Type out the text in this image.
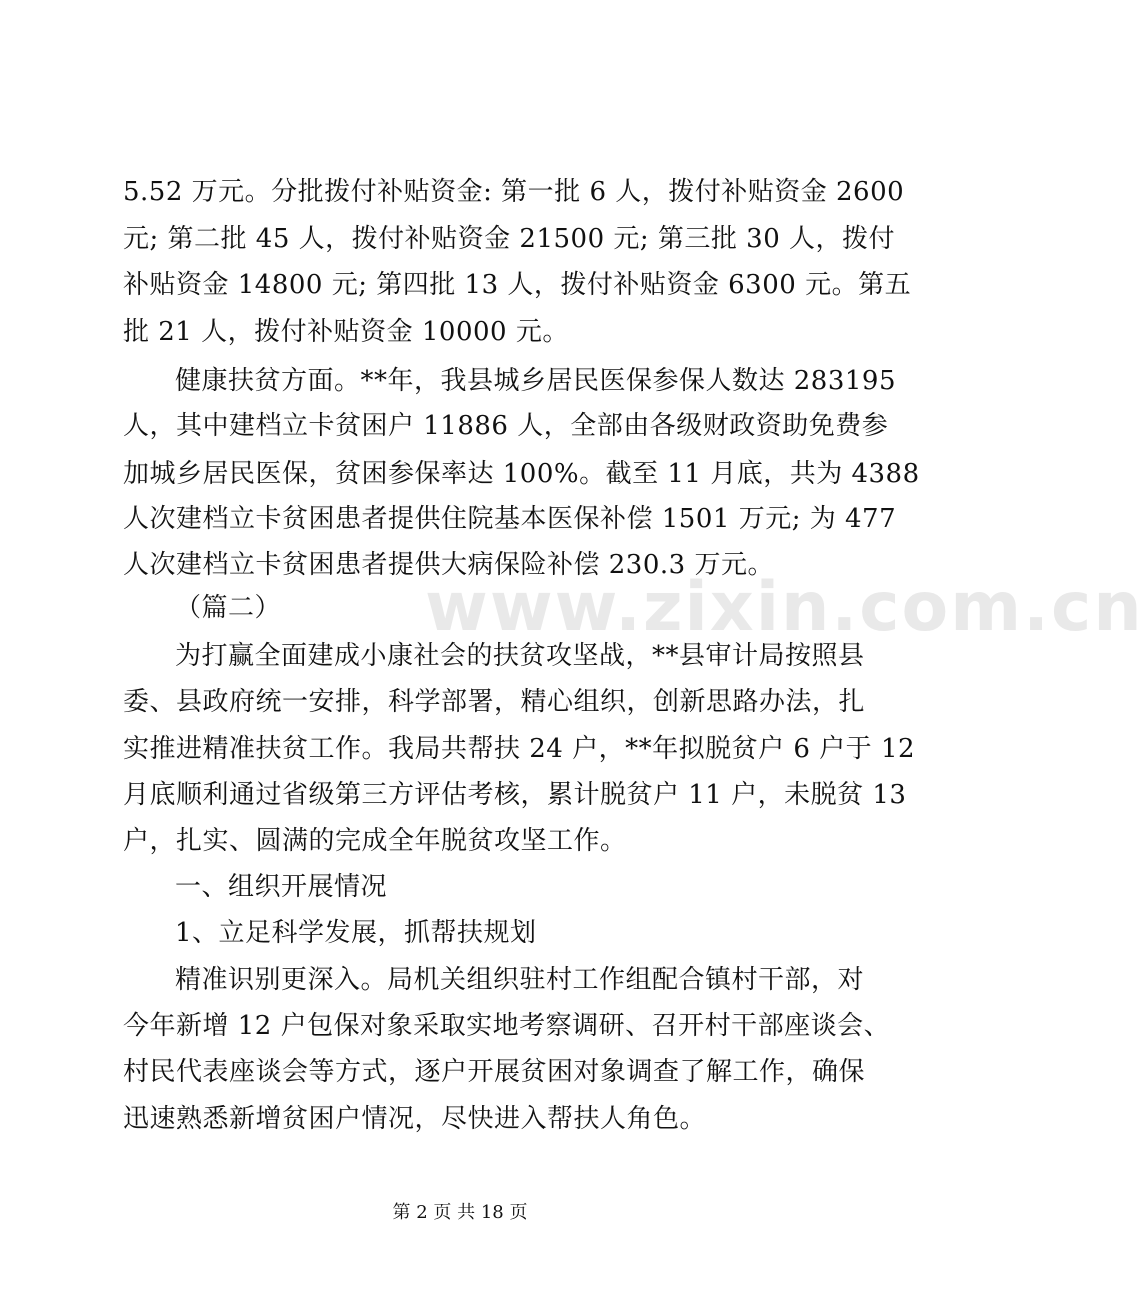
www.zixin.com.cn
5.52 万元。分批拨付补贴资金: 第一批 6 人，拨付补贴资金 2600
元; 第二批 45 人，拨付补贴资金 21500 元; 第三批 30 人，拨付
补贴资金 14800 元; 第四批 13 人，拨付补贴资金 6300 元。第五
批 21 人，拨付补贴资金 10000 元。
健康扶贫方面。**年，我县城乡居民医保参保人数达 283195
人，其中建档立卡贫困户 11886 人，全部由各级财政资助免费参
加城乡居民医保，贫困参保率达 100%。截至 11 月底，共为 4388
人次建档立卡贫困患者提供住院基本医保补偿 1501 万元; 为 477
人次建档立卡贫困患者提供大病保险补偿 230.3 万元。
（篇二）
为打赢全面建成小康社会的扶贫攻坚战，**县审计局按照县
委、县政府统一安排，科学部署，精心组织，创新思路办法，扎
实推进精准扶贫工作。我局共帮扶 24 户，**年拟脱贫户 6 户于 12
月底顺利通过省级第三方评估考核，累计脱贫户 11 户，未脱贫 13
户，扎实、圆满的完成全年脱贫攻坚工作。
一、组织开展情况
1、立足科学发展，抓帮扶规划
精准识别更深入。局机关组织驻村工作组配合镇村干部，对
今年新增 12 户包保对象采取实地考察调研、召开村干部座谈会、
村民代表座谈会等方式，逐户开展贫困对象调查了解工作，确保
迅速熟悉新增贫困户情况，尽快进入帮扶人角色。
第 2 页 共 18 页
